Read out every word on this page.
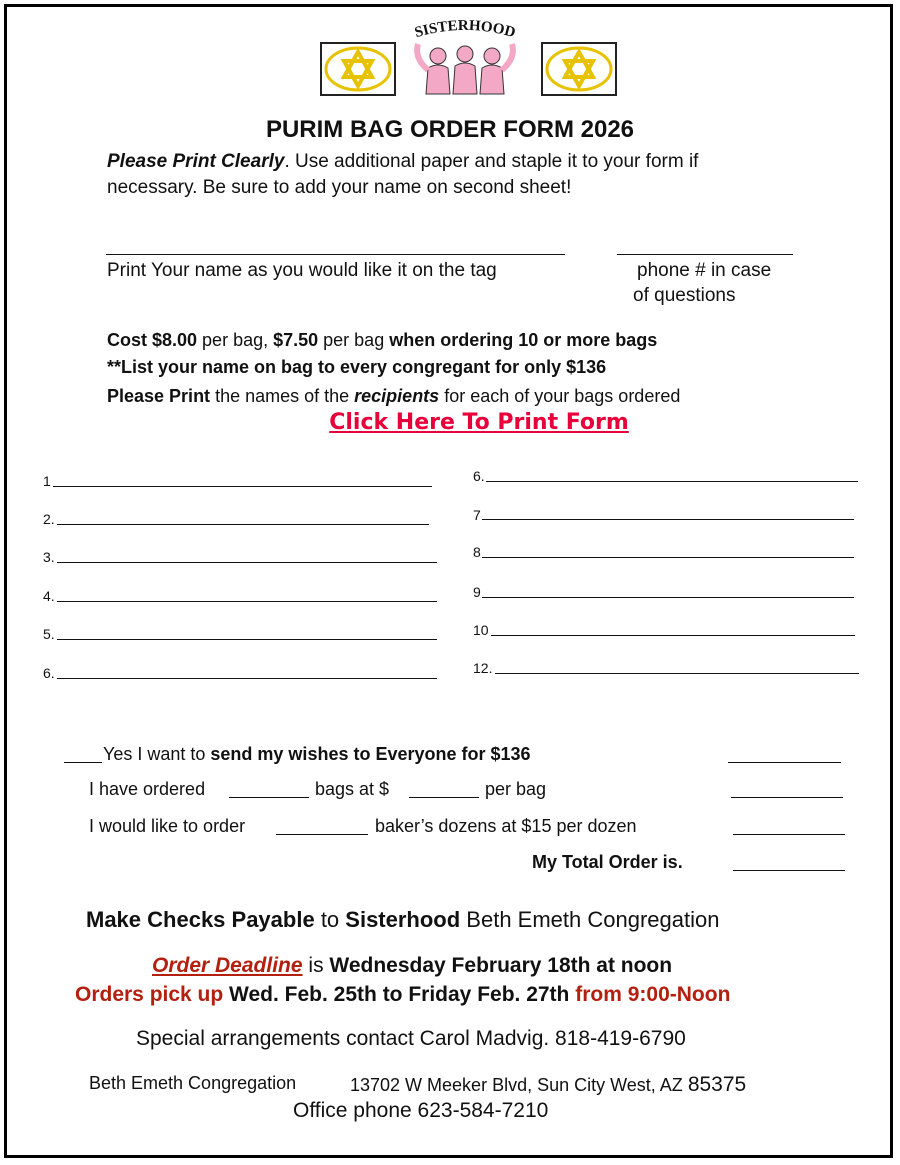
SISTERHOOD
PURIM BAG ORDER FORM 2026
Please Print Clearly. Use additional paper and staple it to your form if
necessary. Be sure to add your name on second sheet!
Print Your name as you would like it on the tag	phone # in case
of questions
Cost $8.00 per bag, $7.50 per bag when ordering 10 or more bags
**List your name on bag to every congregant for only $136
Please Print the names of the recipients for each of your bags ordered
Click Here To Print Form
1
2.
3.
4.
5.
6.
6.
7
8
9
10
12.
Yes I want to send my wishes to Everyone for $136
I have ordered	bags at $	per bag
I would like to order	baker’s dozens at $15 per dozen
My Total Order is.
Make Checks Payable to Sisterhood Beth Emeth Congregation
Order Deadline is Wednesday February 18th at noon
Orders pick up Wed. Feb. 25th to Friday Feb. 27th from 9:00-Noon
Special arrangements contact Carol Madvig. 818-419-6790
Beth Emeth Congregation	13702 W Meeker Blvd, Sun City West, AZ 85375
Office phone 623-584-7210
